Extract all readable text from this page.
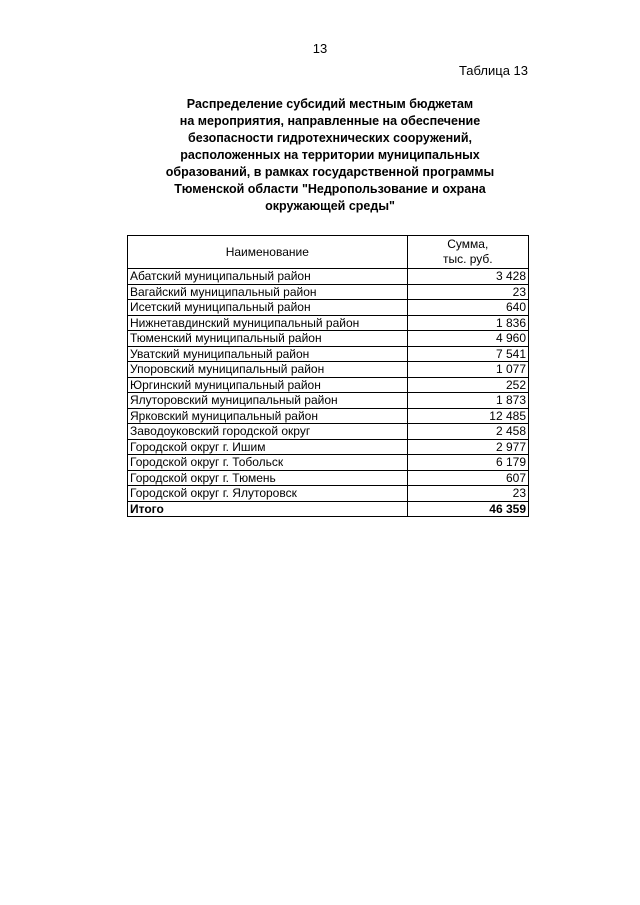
13
Таблица 13
Распределение субсидий местным бюджетам
на мероприятия, направленные на обеспечение
безопасности гидротехнических сооружений,
расположенных на территории муниципальных
образований, в рамках государственной программы
Тюменской области "Недропользование и охрана
окружающей среды"
Наименование	Сумма,
тыс. руб.
Абатский муниципальный район	3 428
Вагайский муниципальный район	23
Исетский муниципальный район	640
Нижнетавдинский муниципальный район	1 836
Тюменский муниципальный район	4 960
Уватский муниципальный район	7 541
Упоровский муниципальный район	1 077
Юргинский муниципальный район	252
Ялуторовский муниципальный район	1 873
Ярковский муниципальный район	12 485
Заводоуковский городской округ	2 458
Городской округ г. Ишим	2 977
Городской округ г. Тобольск	6 179
Городской округ г. Тюмень	607
Городской округ г. Ялуторовск	23
Итого	46 359
